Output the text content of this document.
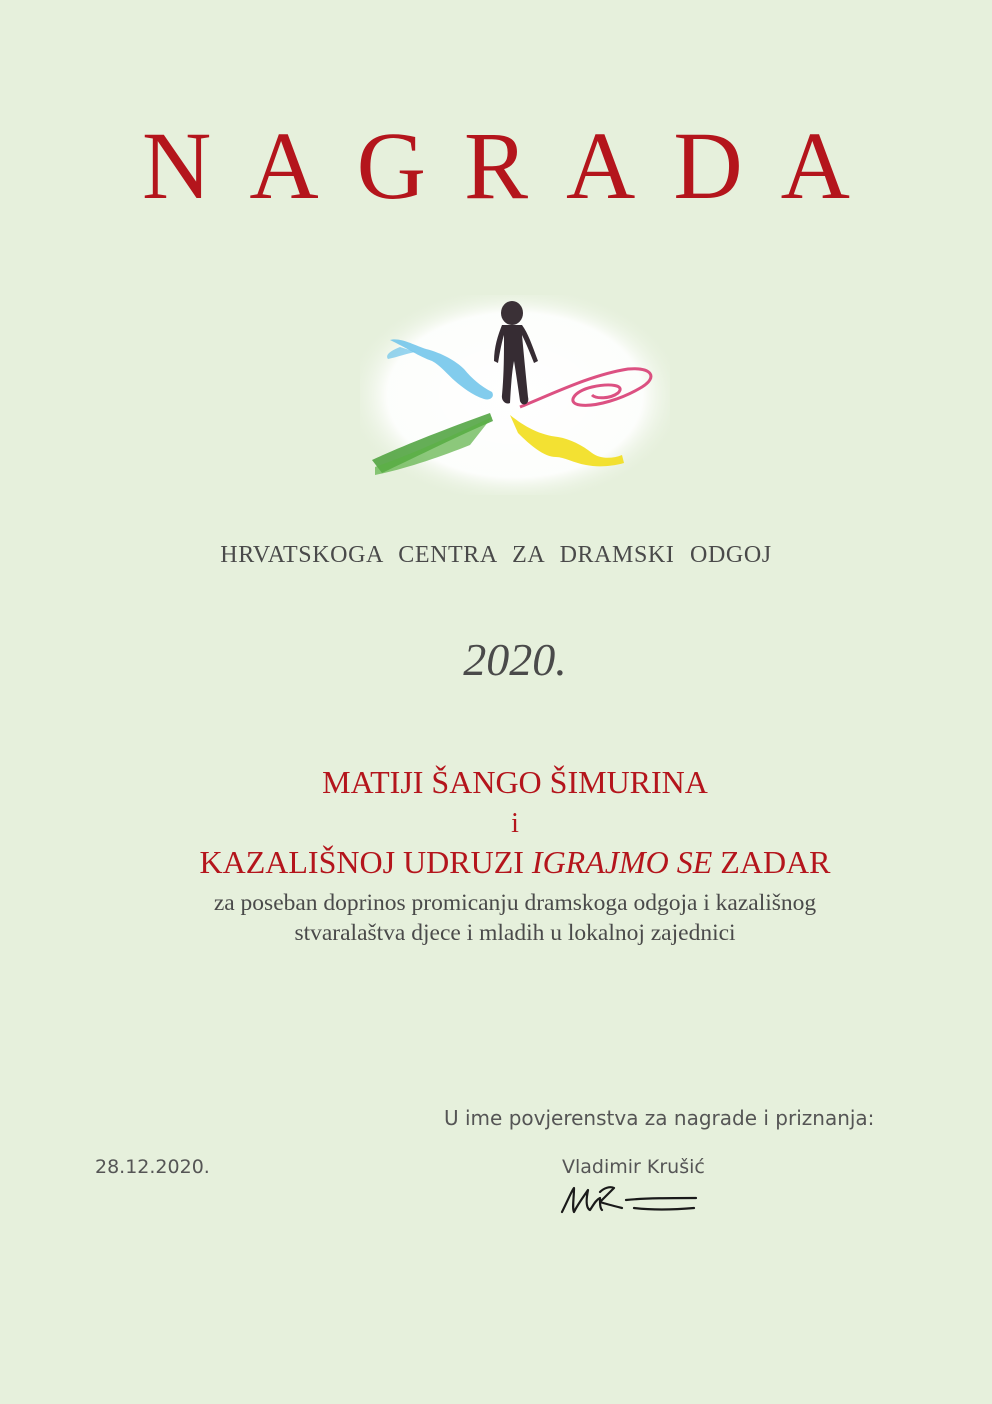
NAGRADA
HRVATSKOGA CENTRA ZA DRAMSKI ODGOJ
2020.
MATIJI ŠANGO ŠIMURINA
i
KAZALIŠNOJ UDRUZI IGRAJMO SE ZADAR
za poseban doprinos promicanju dramskoga odgoja i kazališnog
stvaralaštva djece i mladih u lokalnoj zajednici
U ime povjerenstva za nagrade i priznanja:
28.12.2020.	Vladimir Krušić
